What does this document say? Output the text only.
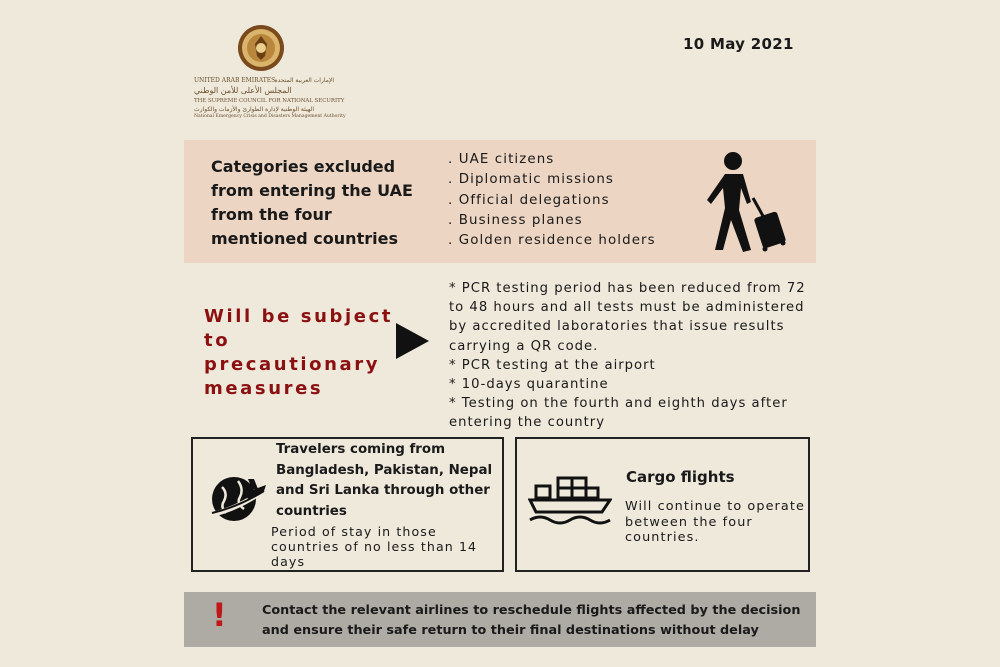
UNITED ARAB EMIRATES الإمارات العربية المتحدة
المجلس الأعلى للأمن الوطني
THE SUPREME COUNCIL FOR NATIONAL SECURITY
الهيئة الوطنية لإدارة الطوارئ والأزمات والكوارث
National Emergency Crisis and Disasters Management Authority
10 May 2021
Categories excluded from entering the UAE from the four mentioned countries
. UAE citizens
. Diplomatic missions
. Official delegations
. Business planes
. Golden residence holders
Will be subject to precautionary measures

* PCR testing period has been reduced from 72 to 48 hours and all tests must be administered by accredited laboratories that issue results carrying a QR code.

* PCR testing at the airport

* 10-days quarantine

* Testing on the fourth and eighth days after entering the country

Travelers coming from Bangladesh, Pakistan, Nepal and Sri Lanka through other countries
Period of stay in those countries of no less than 14 days
Cargo flights
Will continue to operate between the four countries.
!	Contact the relevant airlines to reschedule flights affected by the decision and ensure their safe return to their final destinations without delay
